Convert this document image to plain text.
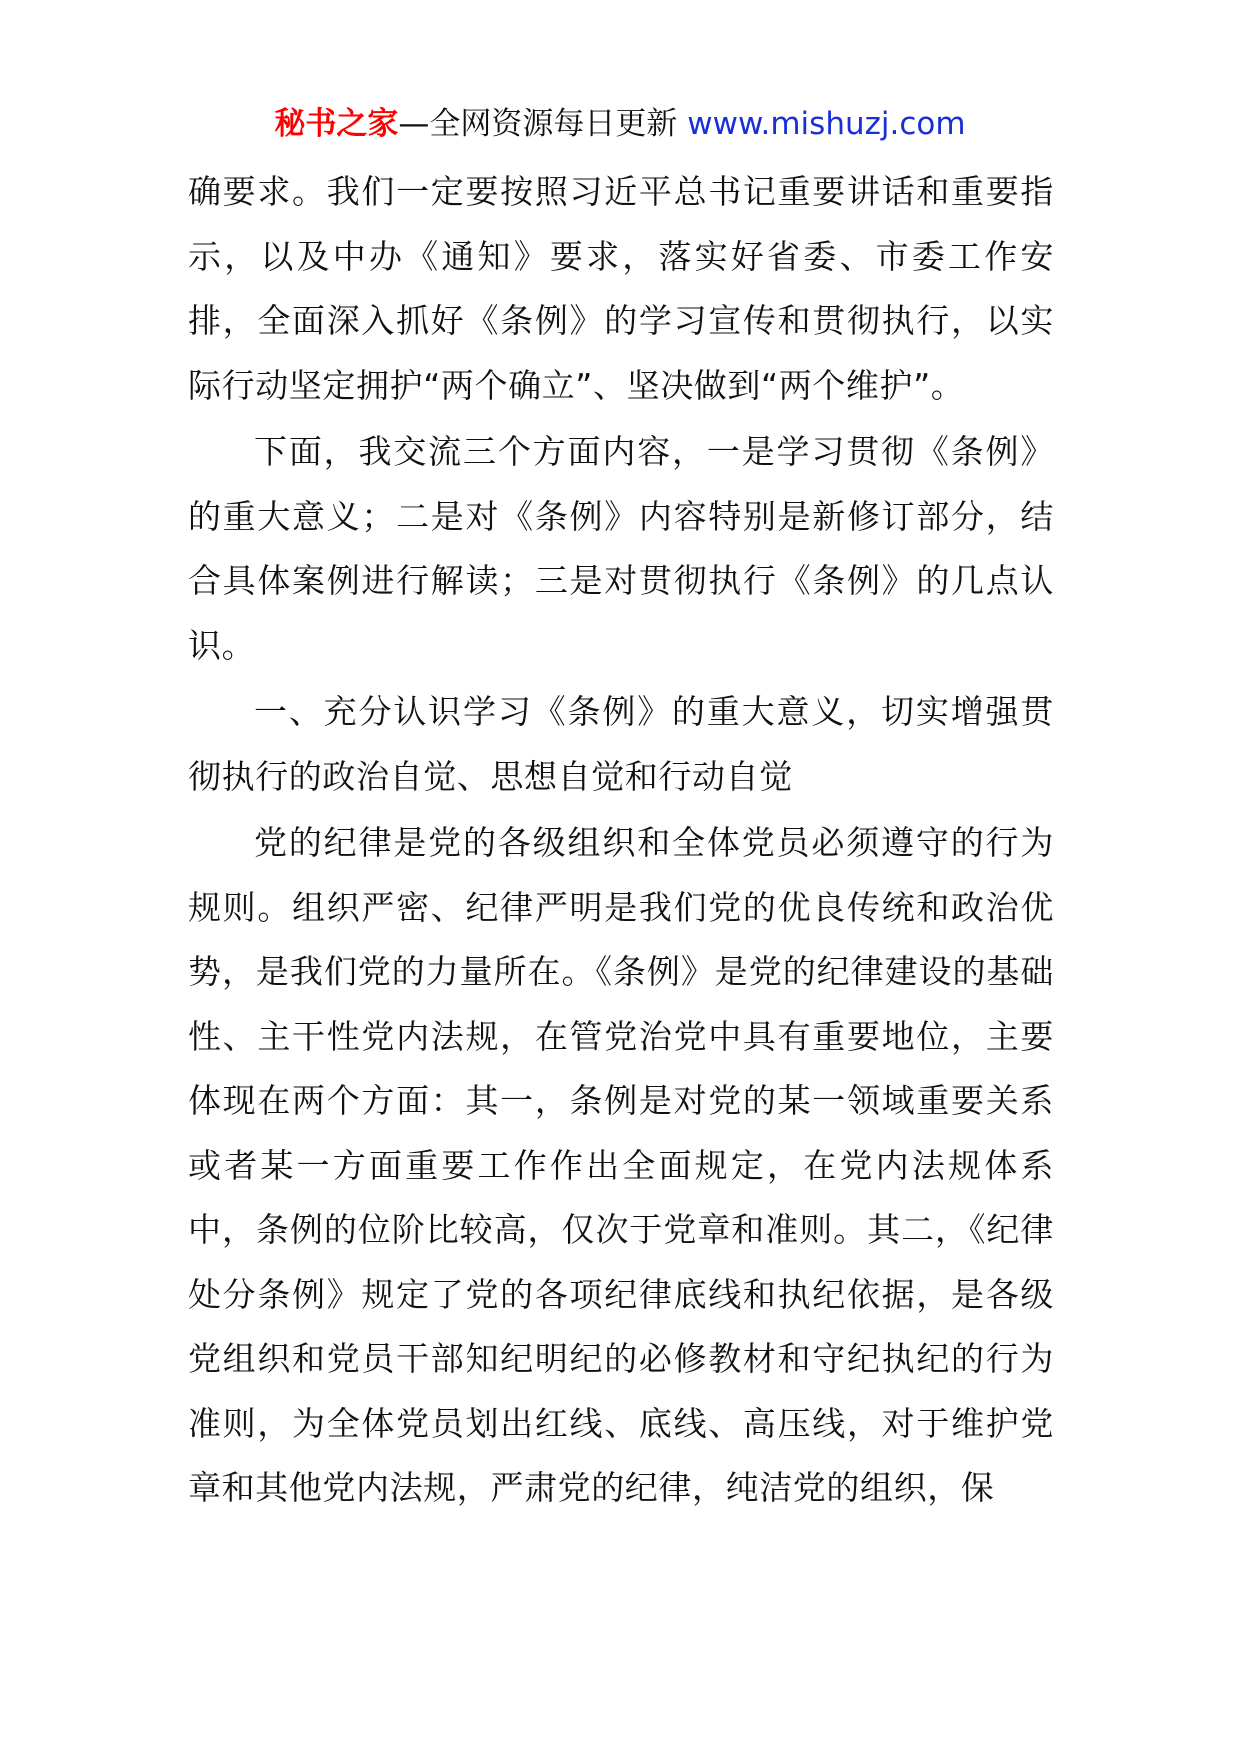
秘书之家—全网资源每日更新 www.mishuzj.com

确要求。我们一定要按照习近平总书记重要讲话和重要指示，以及中办《通知》要求，落实好省委、市委工作安排，全面深入抓好《条例》的学习宣传和贯彻执行，以实际行动坚定拥护“两个确立”、坚决做到“两个维护”。

下面，我交流三个方面内容，一是学习贯彻《条例》的重大意义；二是对《条例》内容特别是新修订部分，结合具体案例进行解读；三是对贯彻执行《条例》的几点认识。

一、充分认识学习《条例》的重大意义，切实增强贯彻执行的政治自觉、思想自觉和行动自觉

党的纪律是党的各级组织和全体党员必须遵守的行为规则。组织严密、纪律严明是我们党的优良传统和政治优势，是我们党的力量所在。《条例》是党的纪律建设的基础性、主干性党内法规，在管党治党中具有重要地位，主要体现在两个方面：其一，条例是对党的某一领域重要关系或者某一方面重要工作作出全面规定，在党内法规体系中，条例的位阶比较高，仅次于党章和准则。其二，《纪律处分条例》规定了党的各项纪律底线和执纪依据，是各级党组织和党员干部知纪明纪的必修教材和守纪执纪的行为准则，为全体党员划出红线、底线、高压线，对于维护党章和其他党内法规，严肃党的纪律，纯洁党的组织，保
